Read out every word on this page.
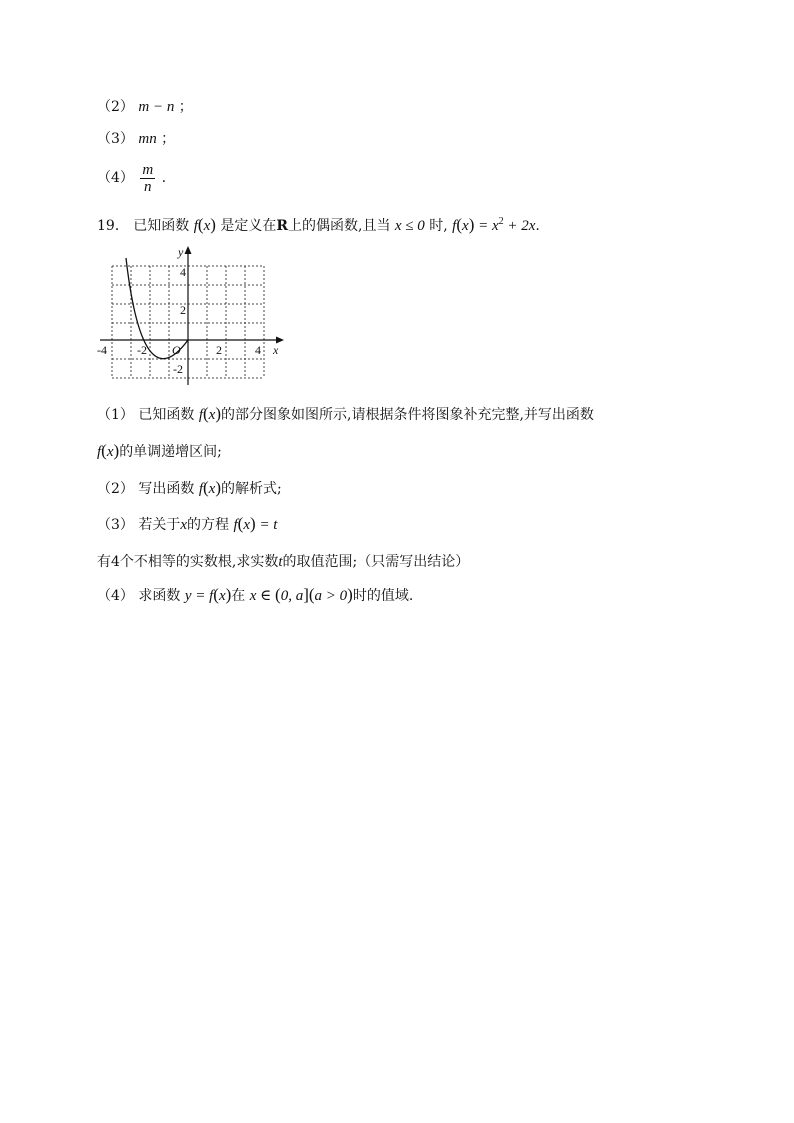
（2） m − n ；
（3） mn ；
$(4) \frac{m}{n}$ .
19． 已知函数 f(x) 是定义在R上的偶函数,且当 x ≤ 0 时, $f(x) = x^2 + 2x$.
y
x
O
-4	-2	2	4
4
2
-2
（1） 已知函数 f(x)的部分图象如图所示,请根据条件将图象补充完整,并写出函数
f(x)的单调递增区间;
（2） 写出函数 f(x)的解析式;
（3） 若关于x的方程 f(x) = t
有4个不相等的实数根,求实数t的取值范围;（只需写出结论）
（4） 求函数 y = f(x)在 x ∈ (0, a](a > 0)时的值域.
